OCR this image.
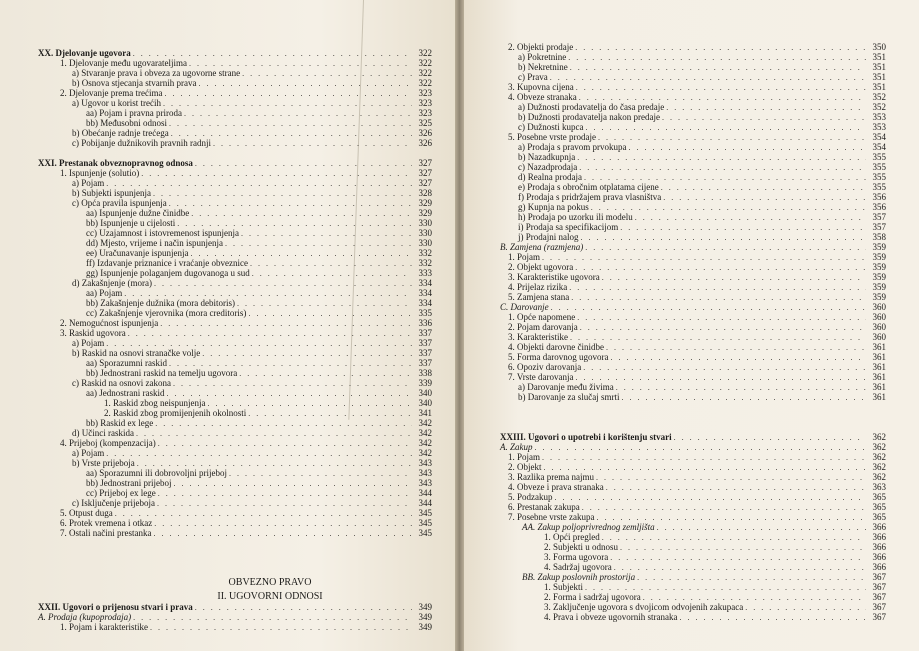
XX. Djelovanje ugovora . . .	322
1. Djelovanje među ugovarateljima . . .	322
a) Stvaranje prava i obveza za ugovorne strane . . .	322
b) Osnova stjecanja stvarnih prava . . .	322
2. Djelovanje prema trećima . . .	323
a) Ugovor u korist trećih . . .	323
aa) Pojam i pravna priroda . . .	323
bb) Međusobni odnosi . . .	325
b) Obećanje radnje trećega . . .	326
c) Pobijanje dužnikovih pravnih radnji . . .	326
XXI. Prestanak obveznopravnog odnosa . . .	327
1. Ispunjenje (solutio) . . .	327
a) Pojam . . .	327
b) Subjekti ispunjenja . . .	328
c) Opća pravila ispunjenja . . .	329
aa) Ispunjenje dužne činidbe . . .	329
bb) Ispunjenje u cijelosti . . .	330
cc) Uzajamnost i istovremenost ispunjenja . . .	330
dd) Mjesto, vrijeme i način ispunjenja . . .	330
ee) Uračunavanje ispunjenja . . .	332
ff) Izdavanje priznanice i vraćanje obveznice . . .	332
gg) Ispunjenje polaganjem dugovanoga u sud . . .	333
d) Zakašnjenje (mora) . . .	334
aa) Pojam . . .	334
bb) Zakašnjenje dužnika (mora debitoris) . . .	334
cc) Zakašnjenje vjerovnika (mora creditoris) . . .	335
2. Nemogućnost ispunjenja . . .	336
3. Raskid ugovora . . .	337
a) Pojam . . .	337
b) Raskid na osnovi stranačke volje . . .	337
aa) Sporazumni raskid . . .	337
bb) Jednostrani raskid na temelju ugovora . . .	338
c) Raskid na osnovi zakona . . .	339
aa) Jednostrani raskid . . .	340
1. Raskid zbog neispunjenja . . .	340
2. Raskid zbog promijenjenih okolnosti . . .	341
bb) Raskid ex lege . . .	342
d) Učinci raskida . . .	342
4. Prijeboj (kompenzacija) . . .	342
a) Pojam . . .	342
b) Vrste prijeboja . . .	343
aa) Sporazumni ili dobrovoljni prijeboj . . .	343
bb) Jednostrani prijeboj . . .	343
cc) Prijeboj ex lege . . .	344
c) Isključenje prijeboja . . .	344
5. Otpust duga . . .	345
6. Protek vremena i otkaz . . .	345
7. Ostali načini prestanka . . .	345
XXII. Ugovori o prijenosu stvari i prava . . .	349
A. Prodaja (kupoprodaja) . . .	349
1. Pojam i karakteristike . . .	349
OBVEZNO PRAVO
II. UGOVORNI ODNOSI
2. Objekti prodaje . . .	350
a) Pokretnine . . .	351
b) Nekretnine . . .	351
c) Prava . . .	351
3. Kupovna cijena . . .	351
4. Obveze stranaka . . .	352
a) Dužnosti prodavatelja do časa predaje . . .	352
b) Dužnosti prodavatelja nakon predaje . . .	353
c) Dužnosti kupca . . .	353
5. Posebne vrste prodaje . . .	354
a) Prodaja s pravom prvokupa . . .	354
b) Nazadkupnja . . .	355
c) Nazadprodaja . . .	355
d) Realna prodaja . . .	355
e) Prodaja s obročnim otplatama cijene . . .	355
f) Prodaja s pridržajem prava vlasništva . . .	356
g) Kupnja na pokus . . .	356
h) Prodaja po uzorku ili modelu . . .	357
i) Prodaja sa specifikacijom . . .	357
j) Prodajni nalog . . .	358
B. Zamjena (razmjena) . . .	359
1. Pojam . . .	359
2. Objekt ugovora . . .	359
3. Karakteristike ugovora . . .	359
4. Prijelaz rizika . . .	359
5. Zamjena stana . . .	359
C. Darovanje . . .	360
1. Opće napomene . . .	360
2. Pojam darovanja . . .	360
3. Karakteristike . . .	360
4. Objekti darovne činidbe . . .	361
5. Forma darovnog ugovora . . .	361
6. Opoziv darovanja . . .	361
7. Vrste darovanja . . .	361
a) Darovanje među živima . . .	361
b) Darovanje za slučaj smrti . . .	361
XXIII. Ugovori o upotrebi i korištenju stvari . . .	362
A. Zakup . . .	362
1. Pojam . . .	362
2. Objekt . . .	362
3. Razlika prema najmu . . .	362
4. Obveze i prava stranaka . . .	363
5. Podzakup . . .	365
6. Prestanak zakupa . . .	365
7. Posebne vrste zakupa . . .	365
AA. Zakup poljoprivrednog zemljišta . . .	366
1. Opći pregled . . .	366
2. Subjekti u odnosu . . .	366
3. Forma ugovora . . .	366
4. Sadržaj ugovora . . .	366
BB. Zakup poslovnih prostorija . . .	367
1. Subjekti . . .	367
2. Forma i sadržaj ugovora . . .	367
3. Zaključenje ugovora s dvojicom odvojenih zakupaca . . .	367
4. Prava i obveze ugovornih stranaka . . .	367
